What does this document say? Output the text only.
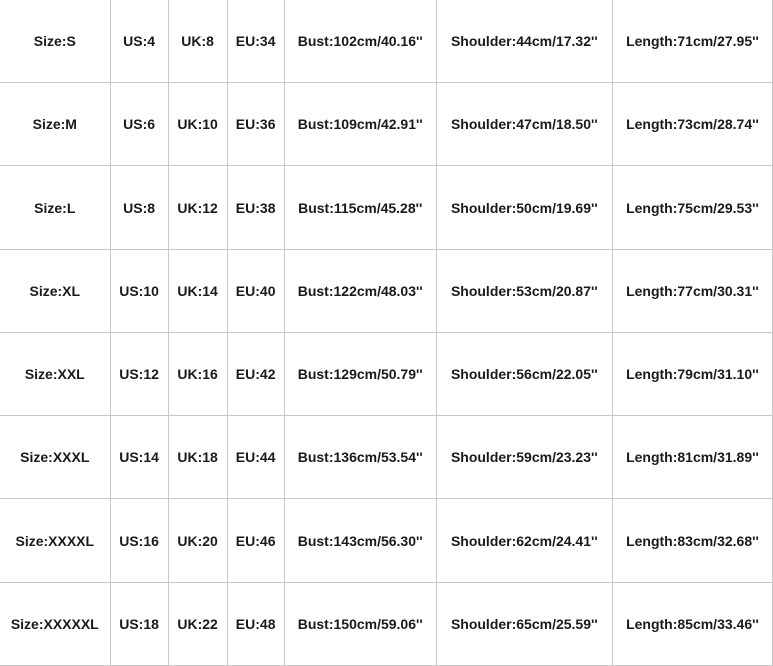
Size:S	US:4	UK:8	EU:34	Bust:102cm/40.16''	Shoulder:44cm/17.32''	Length:71cm/27.95''
Size:M	US:6	UK:10	EU:36	Bust:109cm/42.91''	Shoulder:47cm/18.50''	Length:73cm/28.74''
Size:L	US:8	UK:12	EU:38	Bust:115cm/45.28''	Shoulder:50cm/19.69''	Length:75cm/29.53''
Size:XL	US:10	UK:14	EU:40	Bust:122cm/48.03''	Shoulder:53cm/20.87''	Length:77cm/30.31''
Size:XXL	US:12	UK:16	EU:42	Bust:129cm/50.79''	Shoulder:56cm/22.05''	Length:79cm/31.10''
Size:XXXL	US:14	UK:18	EU:44	Bust:136cm/53.54''	Shoulder:59cm/23.23''	Length:81cm/31.89''
Size:XXXXL	US:16	UK:20	EU:46	Bust:143cm/56.30''	Shoulder:62cm/24.41''	Length:83cm/32.68''
Size:XXXXXL	US:18	UK:22	EU:48	Bust:150cm/59.06''	Shoulder:65cm/25.59''	Length:85cm/33.46''
